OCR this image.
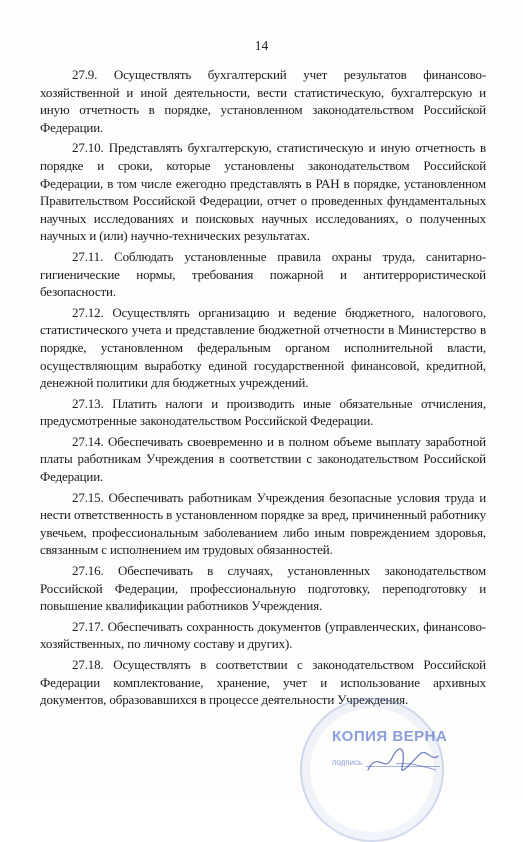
14

27.9. Осуществлять бухгалтерский учет результатов финансово-хозяйственной и иной деятельности, вести статистическую, бухгалтерскую и иную отчетность в порядке, установленном законодательством Российской Федерации.

27.10. Представлять бухгалтерскую, статистическую и иную отчетность в порядке и сроки, которые установлены законодательством Российской Федерации, в том числе ежегодно представлять в РАН в порядке, установленном Правительством Российской Федерации, отчет о проведенных фундаментальных научных исследованиях и поисковых научных исследованиях, о полученных научных и (или) научно-технических результатах.

27.11. Соблюдать установленные правила охраны труда, санитарно-гигиенические нормы, требования пожарной и антитеррористической безопасности.

27.12. Осуществлять организацию и ведение бюджетного, налогового, статистического учета и представление бюджетной отчетности в Министерство в порядке, установленном федеральным органом исполнительной власти, осуществляющим выработку единой государственной финансовой, кредитной, денежной политики для бюджетных учреждений.

27.13. Платить налоги и производить иные обязательные отчисления, предусмотренные законодательством Российской Федерации.

27.14. Обеспечивать своевременно и в полном объеме выплату заработной платы работникам Учреждения в соответствии с законодательством Российской Федерации.

27.15. Обеспечивать работникам Учреждения безопасные условия труда и нести ответственность в установленном порядке за вред, причиненный работнику увечьем, профессиональным заболеванием либо иным повреждением здоровья, связанным с исполнением им трудовых обязанностей.

27.16. Обеспечивать в случаях, установленных законодательством Российской Федерации, профессиональную подготовку, переподготовку и повышение квалификации работников Учреждения.

27.17. Обеспечивать сохранность документов (управленческих, финансово-хозяйственных, по личному составу и других).

27.18. Осуществлять в соответствии с законодательством Российской Федерации комплектование, хранение, учет и использование архивных документов, образовавшихся в процессе деятельности Учреждения.

КОПИЯ ВЕРНА
подпись
